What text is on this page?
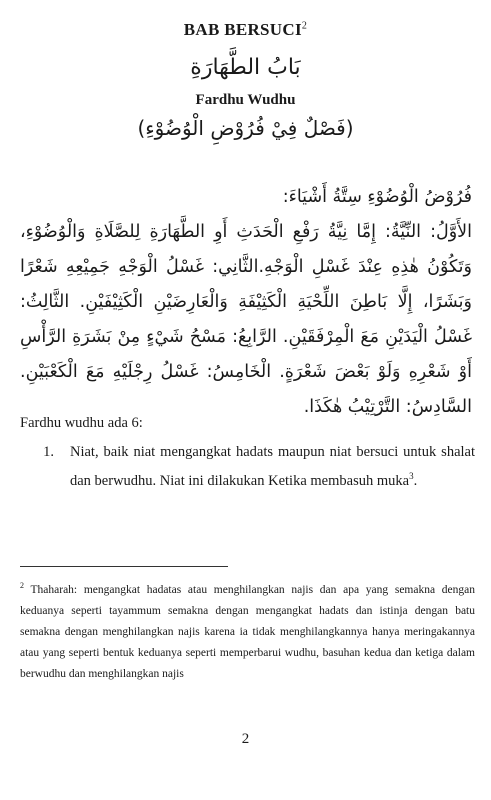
BAB BERSUCI$^2$
بَابُ الطَّهَارَةِ
Fardhu Wudhu
(فَصْلٌ فِيْ فُرُوْضِ الْوُضُوْءِ)

فُرُوْضُ الْوُضُوْءِ سِتَّةُ أَشْيَاءَ:

الأَوَّلُ: النِّيَّةُ: إِمَّا نِيَّةُ رَفْعِ الْحَدَثِ أَوِ الطَّهَارَةِ لِلصَّلَاةِ وَالْوُضُوْءِ، وَتَكُوْنُ هٰذِهِ عِنْدَ غَسْلِ الْوَجْهِ.الثَّانِي: غَسْلُ الْوَجْهِ جَمِيْعِهِ شَعْرًا وَبَشَرًا، إِلَّا بَاطِنَ اللِّحْيَةِ الْكَثِيْفَةِ وَالْعَارِضَيْنِ الْكَثِيْفَيْنِ. الثَّالِثُ: غَسْلُ الْيَدَيْنِ مَعَ الْمِرْفَقَيْنِ. الرَّابِعُ: مَسْحُ شَيْءٍ مِنْ بَشَرَةِ الرَّأْسِ أَوْ شَعْرِهِ وَلَوْ بَعْضَ شَعْرَةٍ. الْخَامِسُ: غَسْلُ رِجْلَيْهِ مَعَ الْكَعْبَيْنِ. السَّادِسُ: التَّرْتِيْبُ هٰكَذَا.

Fardhu wudhu ada 6:
1.	Niat, baik niat mengangkat hadats maupun niat bersuci untuk shalat dan berwudhu. Niat ini dilakukan Ketika membasuh muka$^3$.
$^2$ Thaharah: mengangkat hadatas atau menghilangkan najis dan apa yang semakna dengan keduanya seperti tayammum semakna dengan mengangkat hadats dan istinja dengan batu semakna dengan menghilangkan najis karena ia tidak menghilangkannya hanya meringakannya atau yang seperti bentuk keduanya seperti memperbarui wudhu, basuhan kedua dan ketiga dalam berwudhu dan menghilangkan najis
2
